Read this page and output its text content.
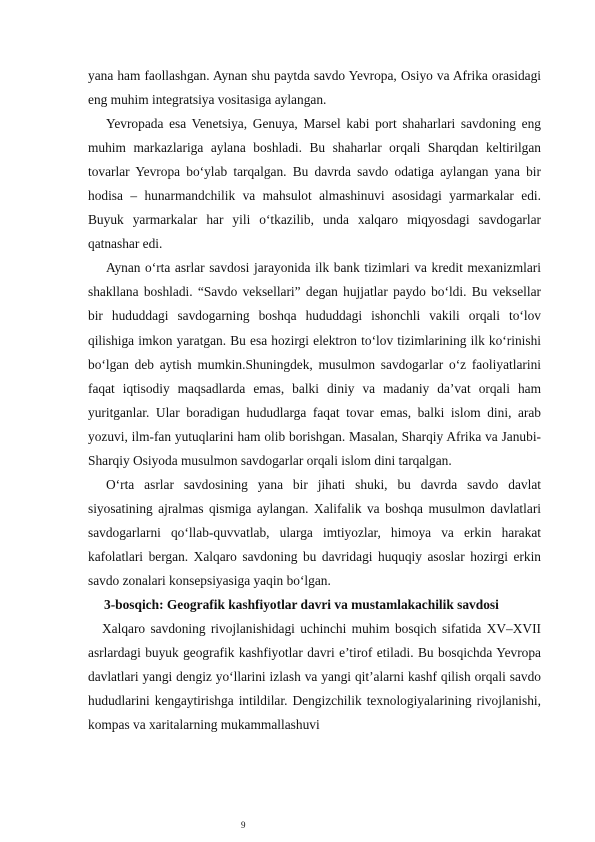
yana ham faollashgan. Aynan shu paytda savdo Yevropa, Osiyo va Afrika orasidagi eng muhim integratsiya vositasiga aylangan.

Yevropada esa Venetsiya, Genuya, Marsel kabi port shaharlari savdoning eng muhim markazlariga aylana boshladi. Bu shaharlar orqali Sharqdan keltirilgan tovarlar Yevropa bo‘ylab tarqalgan. Bu davrda savdo odatiga aylangan yana bir hodisa – hunarmandchilik va mahsulot almashinuvi asosidagi yarmarkalar edi. Buyuk yarmarkalar har yili o‘tkazilib, unda xalqaro miqyosdagi savdogarlar qatnashar edi.

Aynan o‘rta asrlar savdosi jarayonida ilk bank tizimlari va kredit mexanizmlari shakllana boshladi. “Savdo veksellari” degan hujjatlar paydo bo‘ldi. Bu veksellar bir hududdagi savdogarning boshqa hududdagi ishonchli vakili orqali to‘lov qilishiga imkon yaratgan. Bu esa hozirgi elektron to‘lov tizimlarining ilk ko‘rinishi bo‘lgan deb aytish mumkin.Shuningdek, musulmon savdogarlar o‘z faoliyatlarini faqat iqtisodiy maqsadlarda emas, balki diniy va madaniy da’vat orqali ham yuritganlar. Ular boradigan hududlarga faqat tovar emas, balki islom dini, arab yozuvi, ilm-fan yutuqlarini ham olib borishgan. Masalan, Sharqiy Afrika va Janubi-Sharqiy Osiyoda musulmon savdogarlar orqali islom dini tarqalgan.

O‘rta asrlar savdosining yana bir jihati shuki, bu davrda savdo davlat siyosatining ajralmas qismiga aylangan. Xalifalik va boshqa musulmon davlatlari savdogarlarni qo‘llab-quvvatlab, ularga imtiyozlar, himoya va erkin harakat kafolatlari bergan. Xalqaro savdoning bu davridagi huquqiy asoslar hozirgi erkin savdo zonalari konsepsiyasiga yaqin bo‘lgan.

3-bosqich: Geografik kashfiyotlar davri va mustamlakachilik savdosi

Xalqaro savdoning rivojlanishidagi uchinchi muhim bosqich sifatida XV–XVII asrlardagi buyuk geografik kashfiyotlar davri e’tirof etiladi. Bu bosqichda Yevropa davlatlari yangi dengiz yo‘llarini izlash va yangi qit’alarni kashf qilish orqali savdo hududlarini kengaytirishga intildilar. Dengizchilik texnologiyalarining rivojlanishi, kompas va xaritalarning mukammallashuvi

9
